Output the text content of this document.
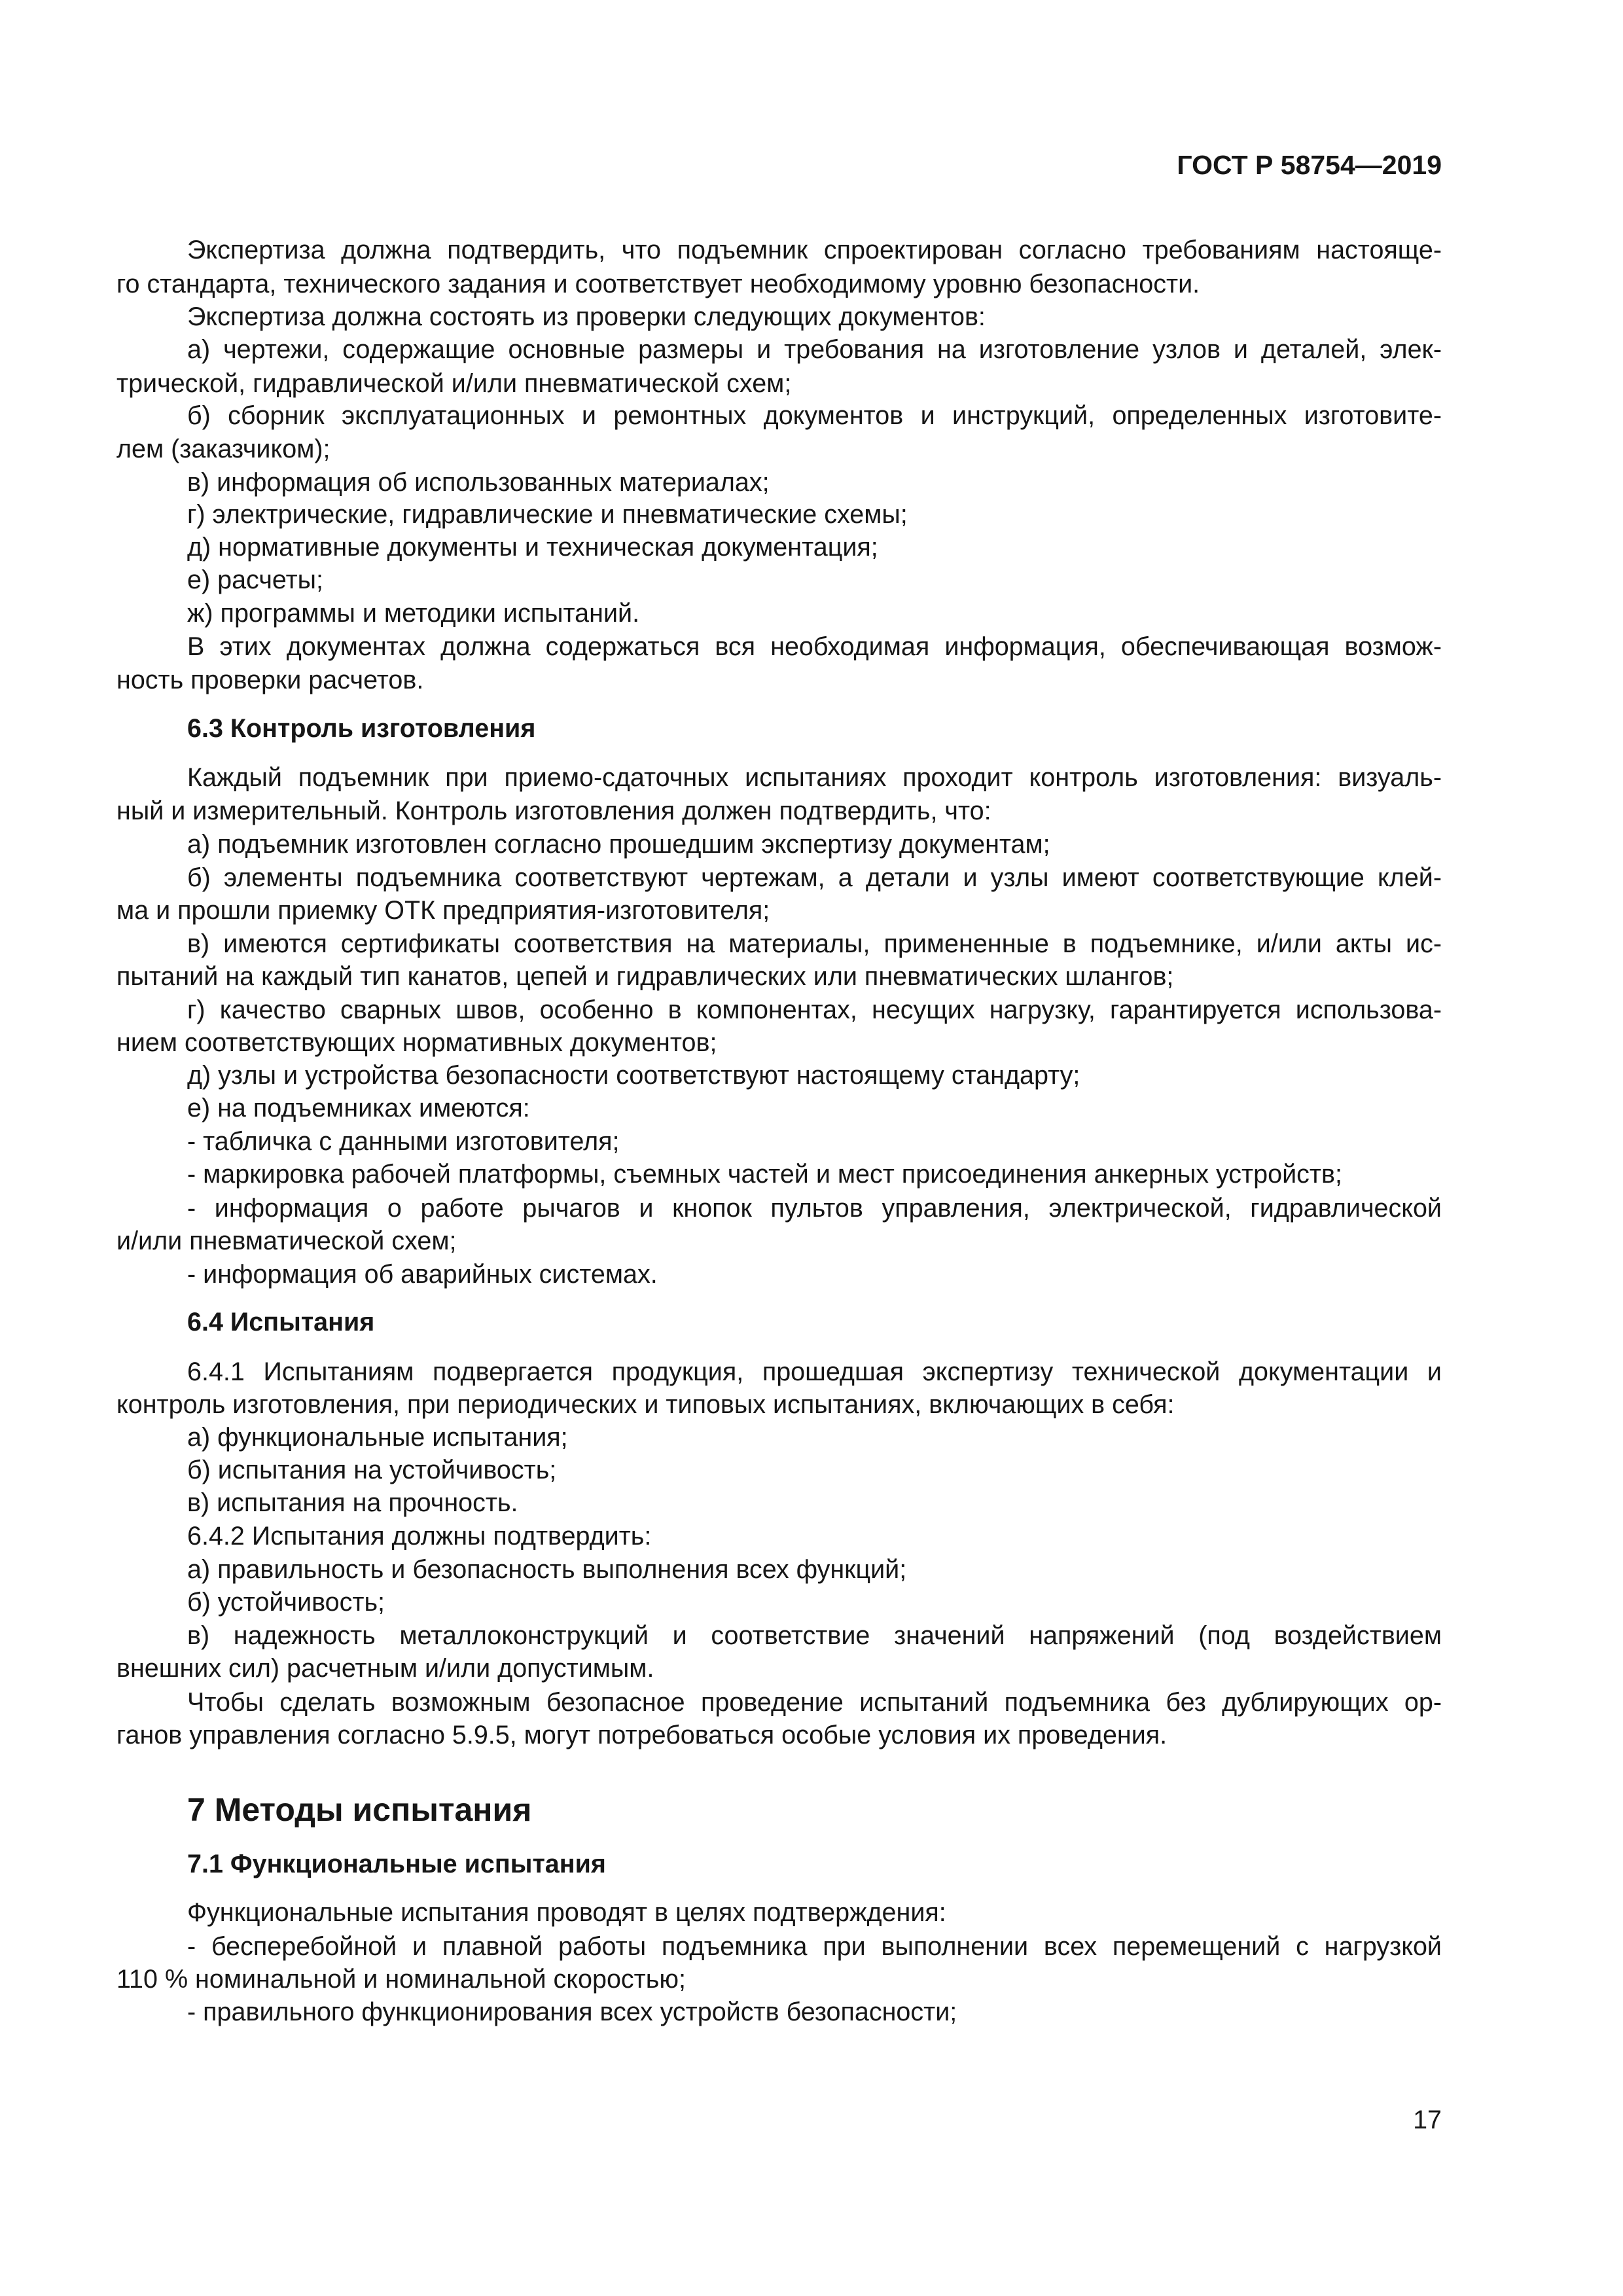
ГОСТ Р 58754—2019
Экспертиза должна подтвердить, что подъемник спроектирован согласно требованиям настояще-
го стандарта, технического задания и соответствует необходимому уровню безопасности.
Экспертиза должна состоять из проверки следующих документов:
а) чертежи, содержащие основные размеры и требования на изготовление узлов и деталей, элек-
трической, гидравлической и/или пневматической схем;
б) сборник эксплуатационных и ремонтных документов и инструкций, определенных изготовите-
лем (заказчиком);
в) информация об использованных материалах;
г) электрические, гидравлические и пневматические схемы;
д) нормативные документы и техническая документация;
е) расчеты;
ж) программы и методики испытаний.
В этих документах должна содержаться вся необходимая информация, обеспечивающая возмож-
ность проверки расчетов.
6.3 Контроль изготовления
Каждый подъемник при приемо-сдаточных испытаниях проходит контроль изготовления: визуаль-
ный и измерительный. Контроль изготовления должен подтвердить, что:
а) подъемник изготовлен согласно прошедшим экспертизу документам;
б) элементы подъемника соответствуют чертежам, а детали и узлы имеют соответствующие клей-
ма и прошли приемку ОТК предприятия-изготовителя;
в) имеются сертификаты соответствия на материалы, примененные в подъемнике, и/или акты ис-
пытаний на каждый тип канатов, цепей и гидравлических или пневматических шлангов;
г) качество сварных швов, особенно в компонентах, несущих нагрузку, гарантируется использова-
нием соответствующих нормативных документов;
д) узлы и устройства безопасности соответствуют настоящему стандарту;
е) на подъемниках имеются:
- табличка с данными изготовителя;
- маркировка рабочей платформы, съемных частей и мест присоединения анкерных устройств;
- информация о работе рычагов и кнопок пультов управления, электрической, гидравлической
и/или пневматической схем;
- информация об аварийных системах.
6.4 Испытания
6.4.1 Испытаниям подвергается продукция, прошедшая экспертизу технической документации и
контроль изготовления, при периодических и типовых испытаниях, включающих в себя:
а) функциональные испытания;
б) испытания на устойчивость;
в) испытания на прочность.
6.4.2 Испытания должны подтвердить:
а) правильность и безопасность выполнения всех функций;
б) устойчивость;
в) надежность металлоконструкций и соответствие значений напряжений (под воздействием
внешних сил) расчетным и/или допустимым.
Чтобы сделать возможным безопасное проведение испытаний подъемника без дублирующих ор-
ганов управления согласно 5.9.5, могут потребоваться особые условия их проведения.
7 Методы испытания
7.1 Функциональные испытания
Функциональные испытания проводят в целях подтверждения:
- бесперебойной и плавной работы подъемника при выполнении всех перемещений с нагрузкой
110 % номинальной и номинальной скоростью;
- правильного функционирования всех устройств безопасности;
17
